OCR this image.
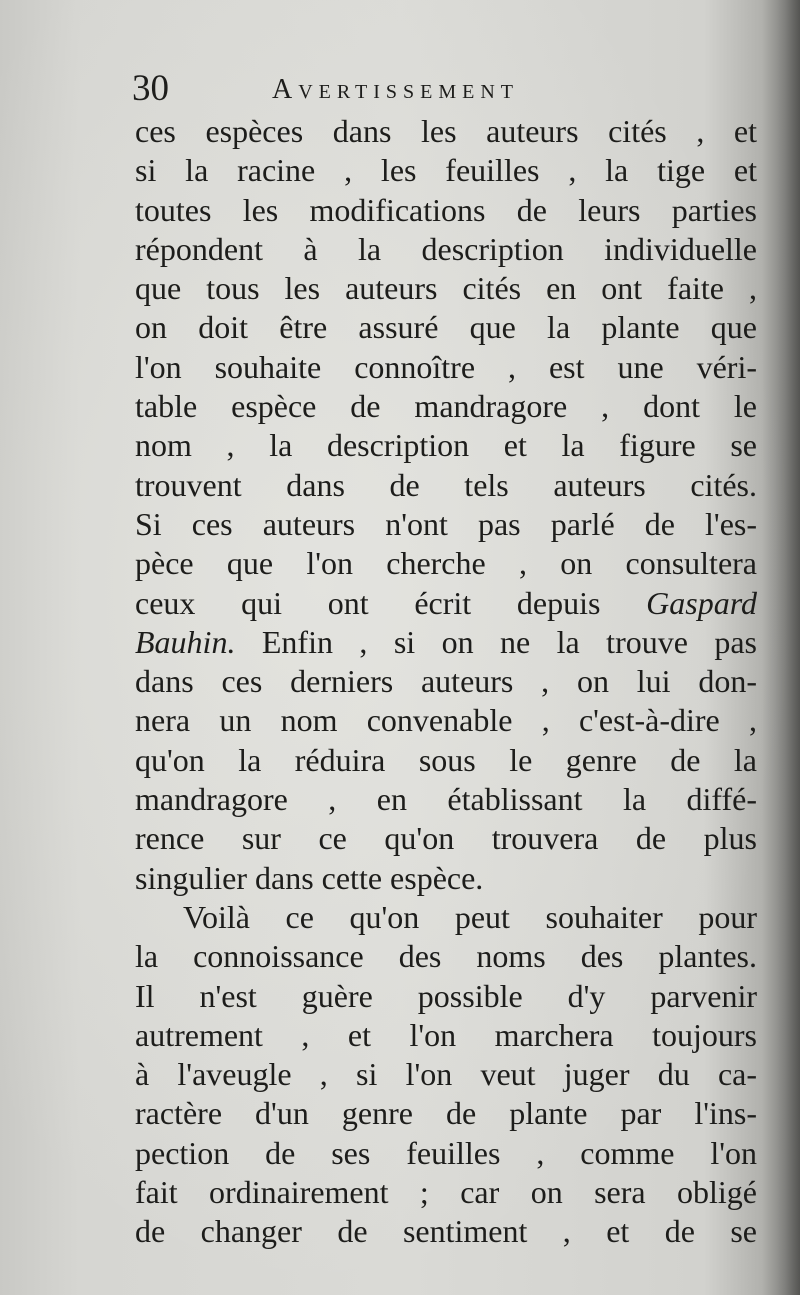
30	Avertissement
ces espèces dans les auteurs cités , et
si la racine , les feuilles , la tige et
toutes les modifications de leurs parties
répondent à la description individuelle
que tous les auteurs cités en ont faite ,
on doit être assuré que la plante que
l'on souhaite connoître , est une véri-
table espèce de mandragore , dont le
nom , la description et la figure se
trouvent dans de tels auteurs cités.
Si ces auteurs n'ont pas parlé de l'es-
pèce que l'on cherche , on consultera
ceux qui ont écrit depuis Gaspard
Bauhin. Enfin , si on ne la trouve pas
dans ces derniers auteurs , on lui don-
nera un nom convenable , c'est-à-dire ,
qu'on la réduira sous le genre de la
mandragore , en établissant la diffé-
rence sur ce qu'on trouvera de plus
singulier dans cette espèce.
Voilà ce qu'on peut souhaiter pour
la connoissance des noms des plantes.
Il n'est guère possible d'y parvenir
autrement , et l'on marchera toujours
à l'aveugle , si l'on veut juger du ca-
ractère d'un genre de plante par l'ins-
pection de ses feuilles , comme l'on
fait ordinairement ; car on sera obligé
de changer de sentiment , et de se
